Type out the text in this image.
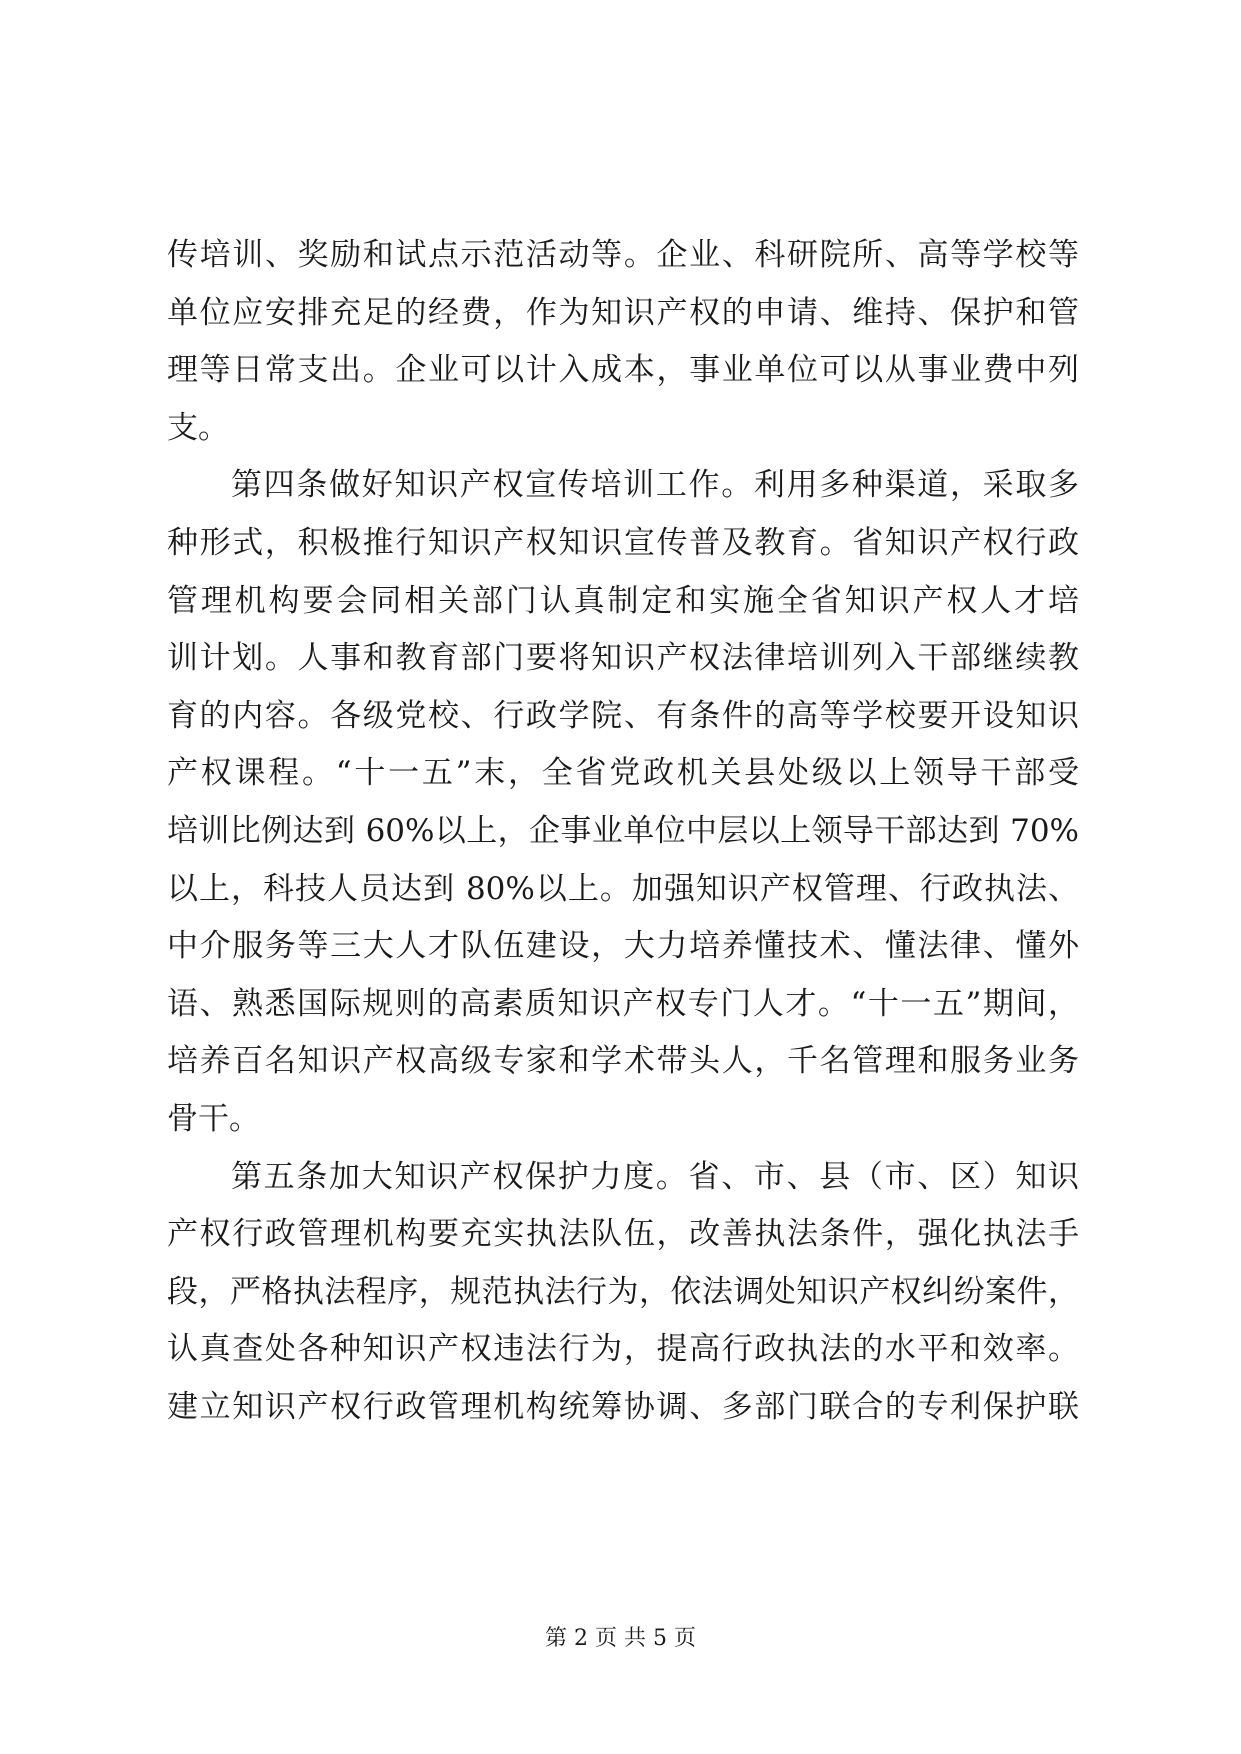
传培训、奖励和试点示范活动等。企业、科研院所、高等学校等
单位应安排充足的经费，作为知识产权的申请、维持、保护和管
理等日常支出。企业可以计入成本，事业单位可以从事业费中列
支。
第四条做好知识产权宣传培训工作。利用多种渠道，采取多
种形式，积极推行知识产权知识宣传普及教育。省知识产权行政
管理机构要会同相关部门认真制定和实施全省知识产权人才培
训计划。人事和教育部门要将知识产权法律培训列入干部继续教
育的内容。各级党校、行政学院、有条件的高等学校要开设知识
产权课程。“十一五”末，全省党政机关县处级以上领导干部受
培训比例达到 60%以上，企事业单位中层以上领导干部达到 70%
以上，科技人员达到 80%以上。加强知识产权管理、行政执法、
中介服务等三大人才队伍建设，大力培养懂技术、懂法律、懂外
语、熟悉国际规则的高素质知识产权专门人才。“十一五”期间，
培养百名知识产权高级专家和学术带头人，千名管理和服务业务
骨干。
第五条加大知识产权保护力度。省、市、县（市、区）知识
产权行政管理机构要充实执法队伍，改善执法条件，强化执法手
段，严格执法程序，规范执法行为，依法调处知识产权纠纷案件，
认真查处各种知识产权违法行为，提高行政执法的水平和效率。
建立知识产权行政管理机构统筹协调、多部门联合的专利保护联
第 2 页 共 5 页
